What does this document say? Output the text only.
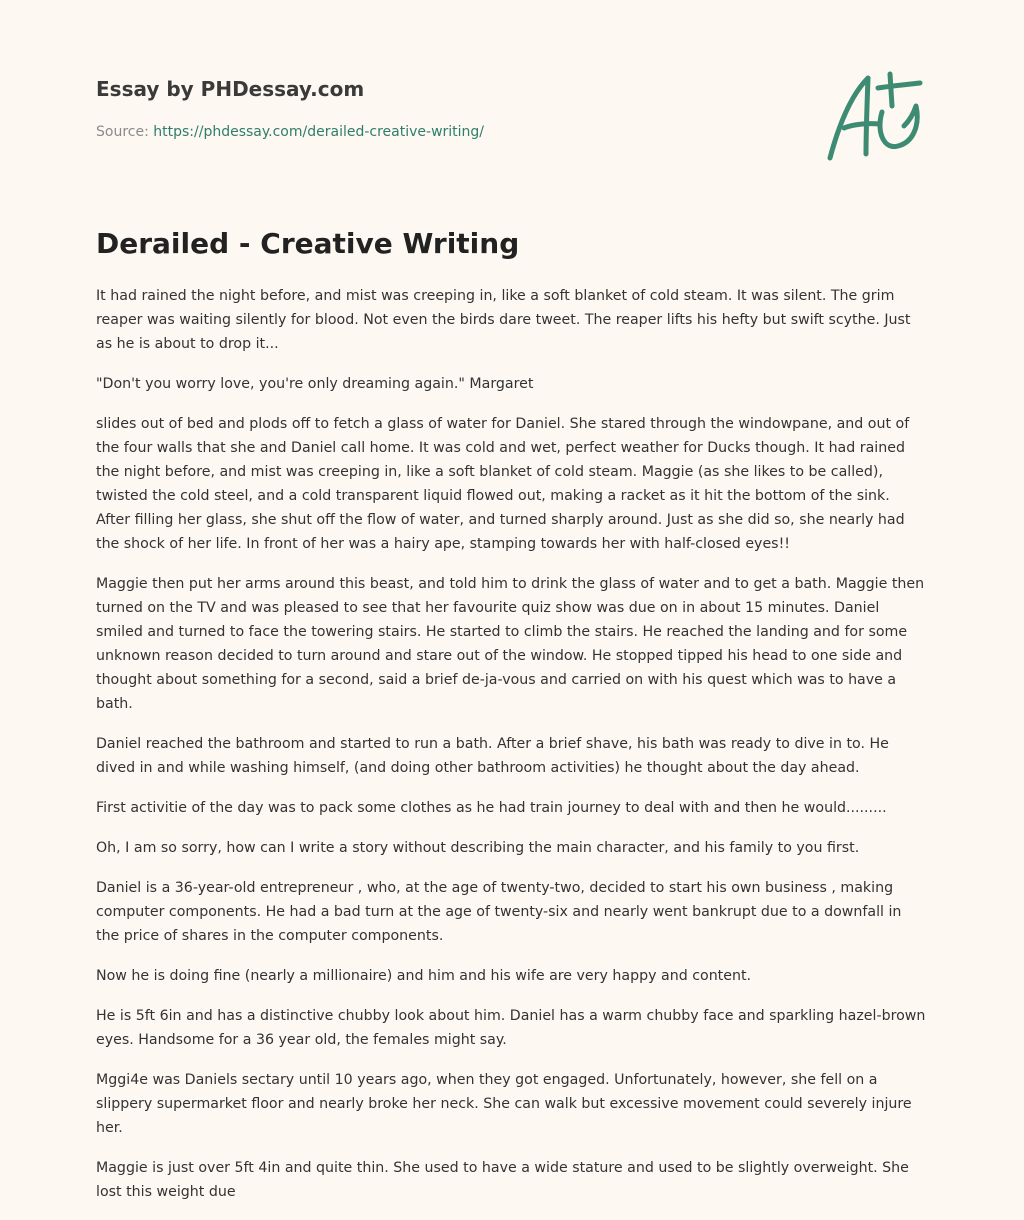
Essay by PHDessay.com
Source: https://phdessay.com/derailed-creative-writing/
Derailed - Creative Writing

It had rained the night before, and mist was creeping in, like a soft blanket of cold steam. It was silent. The grim reaper was waiting silently for blood. Not even the birds dare tweet. The reaper lifts his hefty but swift scythe. Just as he is about to drop it...

"Don't you worry love, you're only dreaming again." Margaret

slides out of bed and plods off to fetch a glass of water for Daniel. She stared through the windowpane, and out of the four walls that she and Daniel call home. It was cold and wet, perfect weather for Ducks though. It had rained the night before, and mist was creeping in, like a soft blanket of cold steam. Maggie (as she likes to be called), twisted the cold steel, and a cold transparent liquid flowed out, making a racket as it hit the bottom of the sink. After filling her glass, she shut off the flow of water, and turned sharply around. Just as she did so, she nearly had the shock of her life. In front of her was a hairy ape, stamping towards her with half-closed eyes!!

Maggie then put her arms around this beast, and told him to drink the glass of water and to get a bath. Maggie then turned on the TV and was pleased to see that her favourite quiz show was due on in about 15 minutes. Daniel smiled and turned to face the towering stairs. He started to climb the stairs. He reached the landing and for some unknown reason decided to turn around and stare out of the window. He stopped tipped his head to one side and thought about something for a second, said a brief de-ja-vous and carried on with his quest which was to have a bath.

Daniel reached the bathroom and started to run a bath. After a brief shave, his bath was ready to dive in to. He dived in and while washing himself, (and doing other bathroom activities) he thought about the day ahead.

First activitie of the day was to pack some clothes as he had train journey to deal with and then he would.........

Oh, I am so sorry, how can I write a story without describing the main character, and his family to you first.

Daniel is a 36-year-old entrepreneur , who, at the age of twenty-two, decided to start his own business , making computer components. He had a bad turn at the age of twenty-six and nearly went bankrupt due to a downfall in the price of shares in the computer components.

Now he is doing fine (nearly a millionaire) and him and his wife are very happy and content.

He is 5ft 6in and has a distinctive chubby look about him. Daniel has a warm chubby face and sparkling hazel-brown eyes. Handsome for a 36 year old, the females might say.

Mggi4e was Daniels sectary until 10 years ago, when they got engaged. Unfortunately, however, she fell on a slippery supermarket floor and nearly broke her neck. She can walk but excessive movement could severely injure her.

Maggie is just over 5ft 4in and quite thin. She used to have a wide stature and used to be slightly overweight. She lost this weight due
